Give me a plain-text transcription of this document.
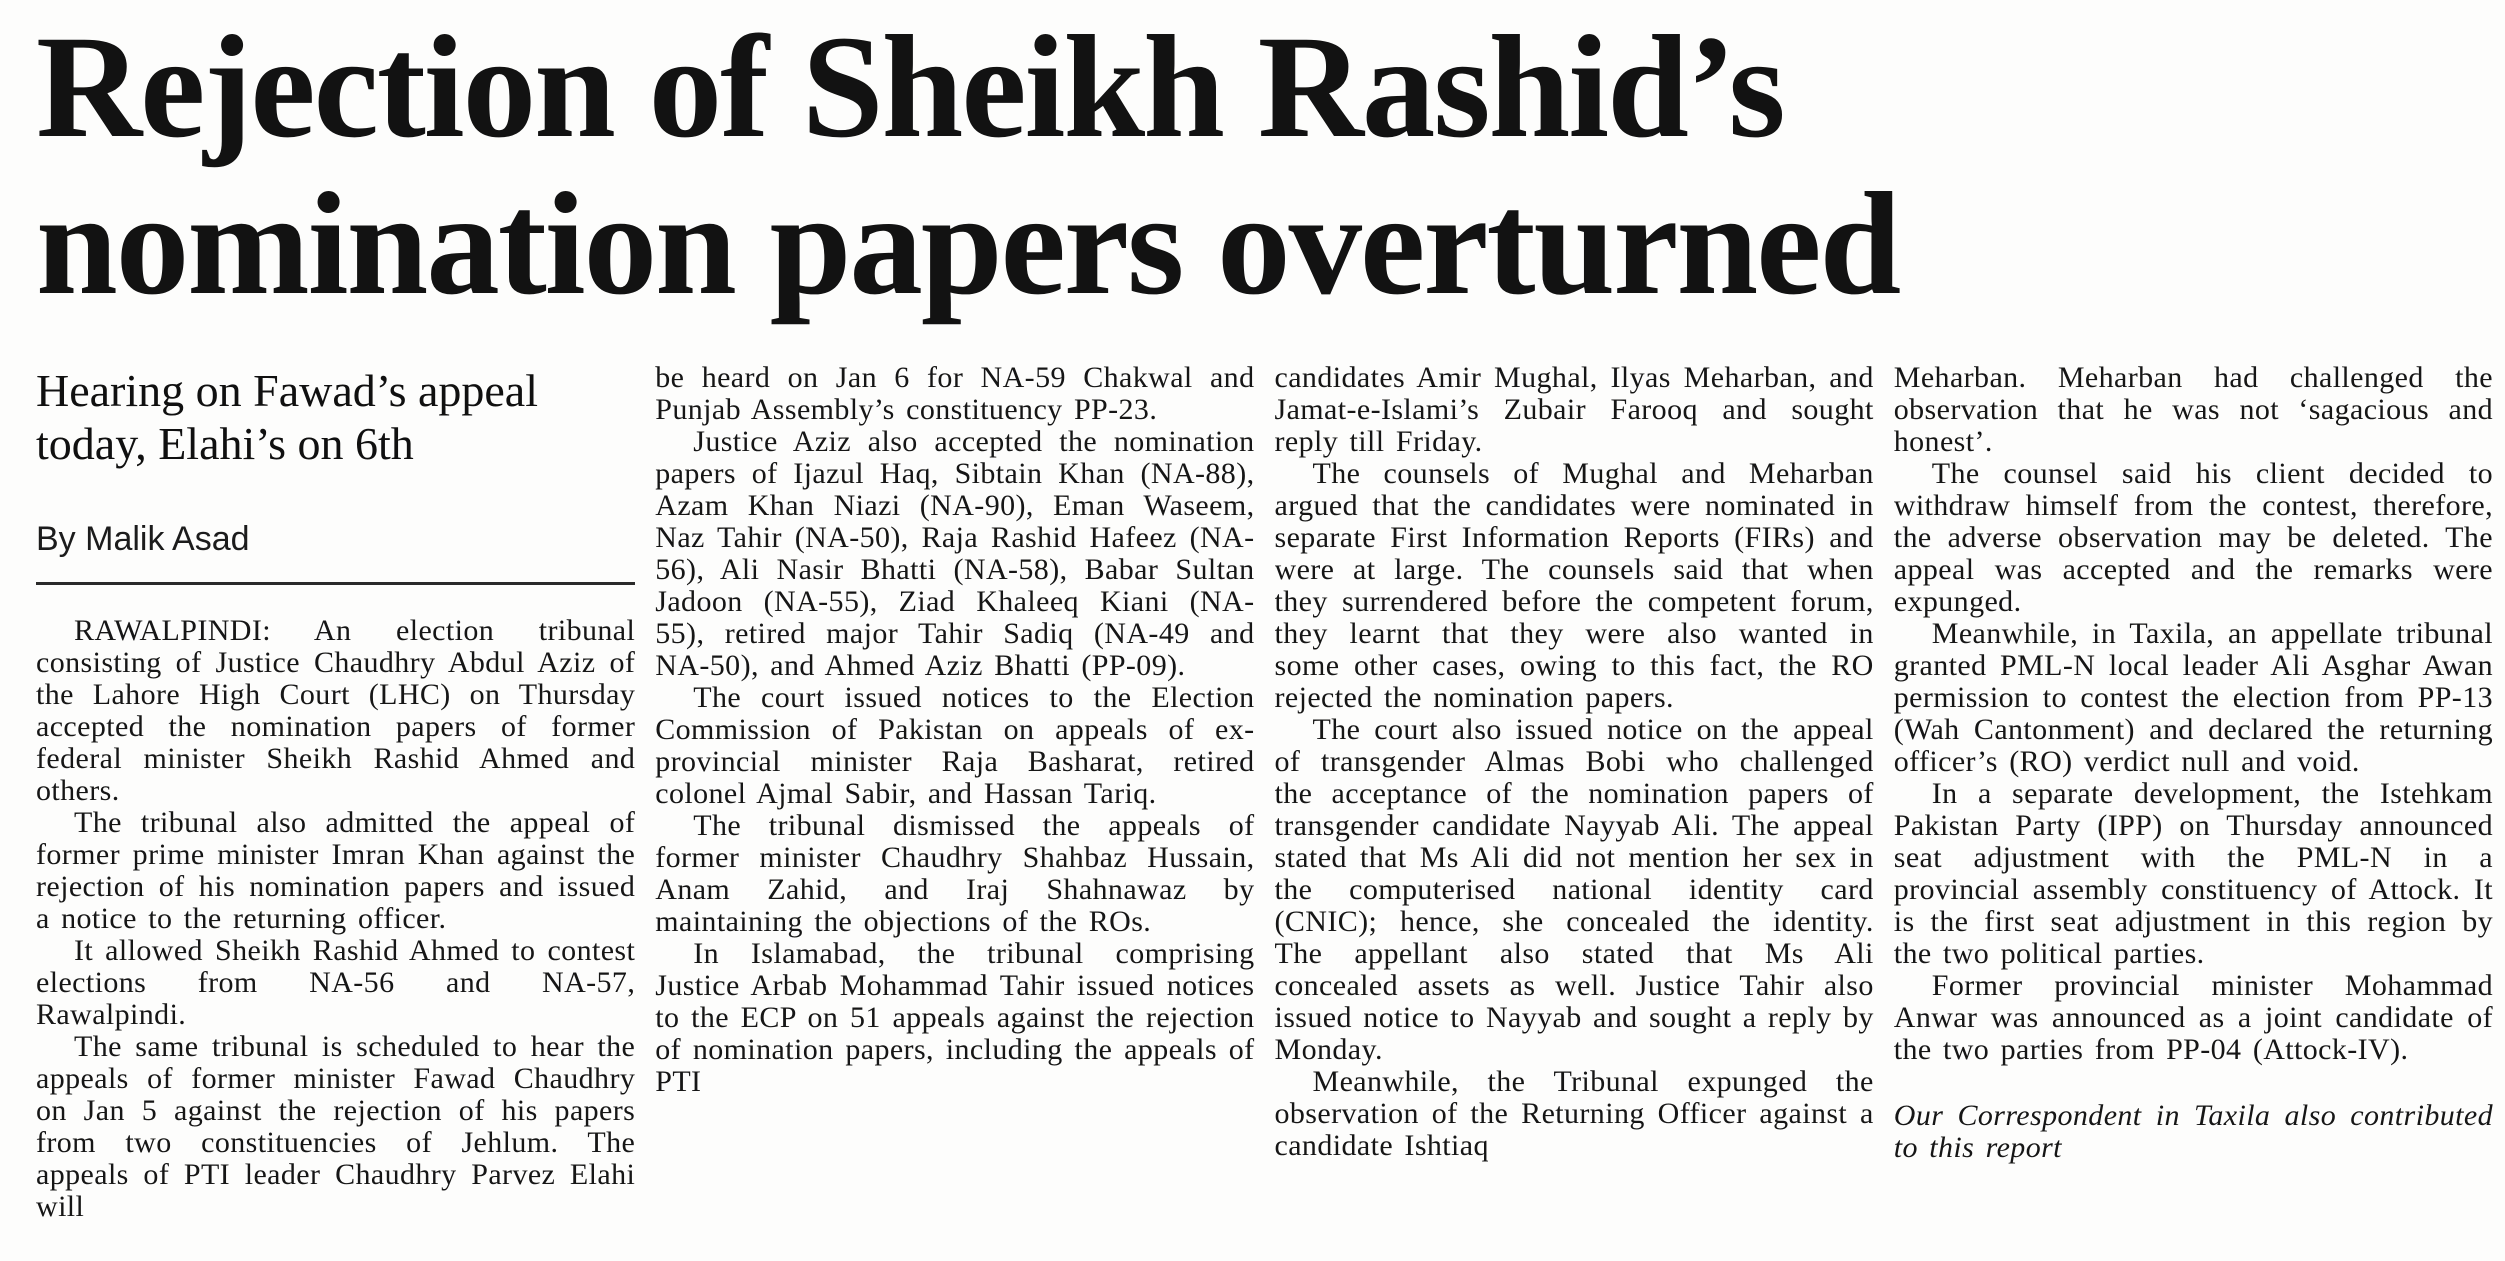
Rejection of Sheikh Rashid’s
nomination papers overturned
Hearing on Fawad’s appeal today, Elahi’s on 6th
By Malik Asad

RAWALPINDI: An election tribunal consisting of Justice Chaudhry Abdul Aziz of the Lahore High Court (LHC) on Thursday accepted the nomination papers of former federal minister Sheikh Rashid Ahmed and others.

The tribunal also admitted the appeal of former prime minister Imran Khan against the rejection of his nomination papers and issued a notice to the returning officer.

It allowed Sheikh Rashid Ahmed to contest elections from NA-56 and NA-57, Rawalpindi.

The same tribunal is scheduled to hear the appeals of former minister Fawad Chaudhry on Jan 5 against the rejection of his papers from two constituencies of Jehlum. The appeals of PTI leader Chaudhry Parvez Elahi will

be heard on Jan 6 for NA-59 Chakwal and Punjab Assembly’s constituency PP-23.

Justice Aziz also accepted the nomination papers of Ijazul Haq, Sibtain Khan (NA-88), Azam Khan Niazi (NA-90), Eman Waseem, Naz Tahir (NA-50), Raja Rashid Hafeez (NA-56), Ali Nasir Bhatti (NA-58), Babar Sultan Jadoon (NA-55), Ziad Khaleeq Kiani (NA-55), retired major Tahir Sadiq (NA-49 and NA-50), and Ahmed Aziz Bhatti (PP-09).

The court issued notices to the Election Commission of Pakistan on appeals of ex-provincial minister Raja Basharat, retired colonel Ajmal Sabir, and Hassan Tariq.

The tribunal dismissed the appeals of former minister Chaudhry Shahbaz Hussain, Anam Zahid, and Iraj Shahnawaz by maintaining the objections of the ROs.

In Islamabad, the tribunal comprising Justice Arbab Mohammad Tahir issued notices to the ECP on 51 appeals against the rejection of nomination papers, including the appeals of PTI

candidates Amir Mughal, Ilyas Meharban, and Jamat-e-Islami’s Zubair Farooq and sought reply till Friday.

The counsels of Mughal and Meharban argued that the candidates were nominated in separate First Information Reports (FIRs) and were at large. The counsels said that when they surrendered before the competent forum, they learnt that they were also wanted in some other cases, owing to this fact, the RO rejected the nomination papers.

The court also issued notice on the appeal of transgender Almas Bobi who challenged the acceptance of the nomination papers of transgender candidate Nayyab Ali. The appeal stated that Ms Ali did not mention her sex in the computerised national identity card (CNIC); hence, she concealed the identity. The appellant also stated that Ms Ali concealed assets as well. Justice Tahir also issued notice to Nayyab and sought a reply by Monday.

Meanwhile, the Tribunal expunged the observation of the Returning Officer against a candidate Ishtiaq

Meharban. Meharban had challenged the observation that he was not ‘sagacious and honest’.

The counsel said his client decided to withdraw himself from the contest, therefore, the adverse observation may be deleted. The appeal was accepted and the remarks were expunged.

Meanwhile, in Taxila, an appellate tribunal granted PML-N local leader Ali Asghar Awan permission to contest the election from PP-13 (Wah Cantonment) and declared the returning officer’s (RO) verdict null and void.

In a separate development, the Istehkam Pakistan Party (IPP) on Thursday announced seat adjustment with the PML-N in a provincial assembly constituency of Attock. It is the first seat adjustment in this region by the two political parties.

Former provincial minister Mohammad Anwar was announced as a joint candidate of the two parties from PP-04 (Attock-IV).

Our Correspondent in Taxila also contributed to this report
